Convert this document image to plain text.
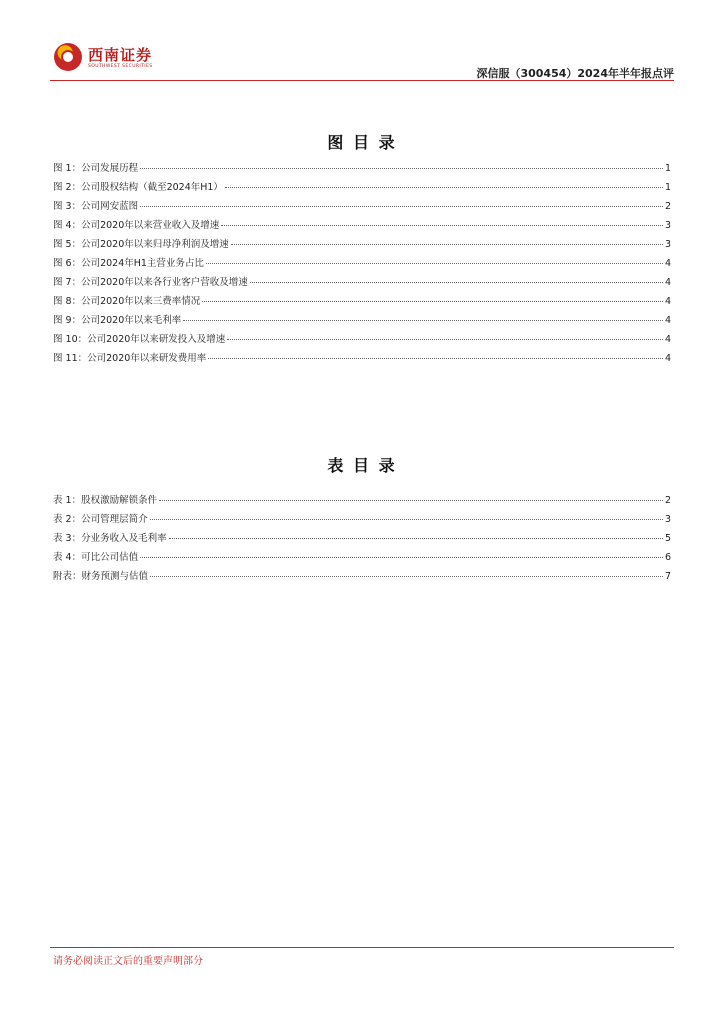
西南证券
SOUTHWEST SECURITIES
深信服（300454）2024年半年报点评
图 目 录
图 1：公司发展历程	1
图 2：公司股权结构（截至2024年H1）	1
图 3：公司网安蓝图	2
图 4：公司2020年以来营业收入及增速	3
图 5：公司2020年以来归母净利润及增速	3
图 6：公司2024年H1主营业务占比	4
图 7：公司2020年以来各行业客户营收及增速	4
图 8：公司2020年以来三费率情况	4
图 9：公司2020年以来毛利率	4
图 10：公司2020年以来研发投入及增速	4
图 11：公司2020年以来研发费用率	4
表 目 录
表 1：股权激励解锁条件	2
表 2：公司管理层简介	3
表 3：分业务收入及毛利率	5
表 4：可比公司估值	6
附表：财务预测与估值	7
请务必阅读正文后的重要声明部分
